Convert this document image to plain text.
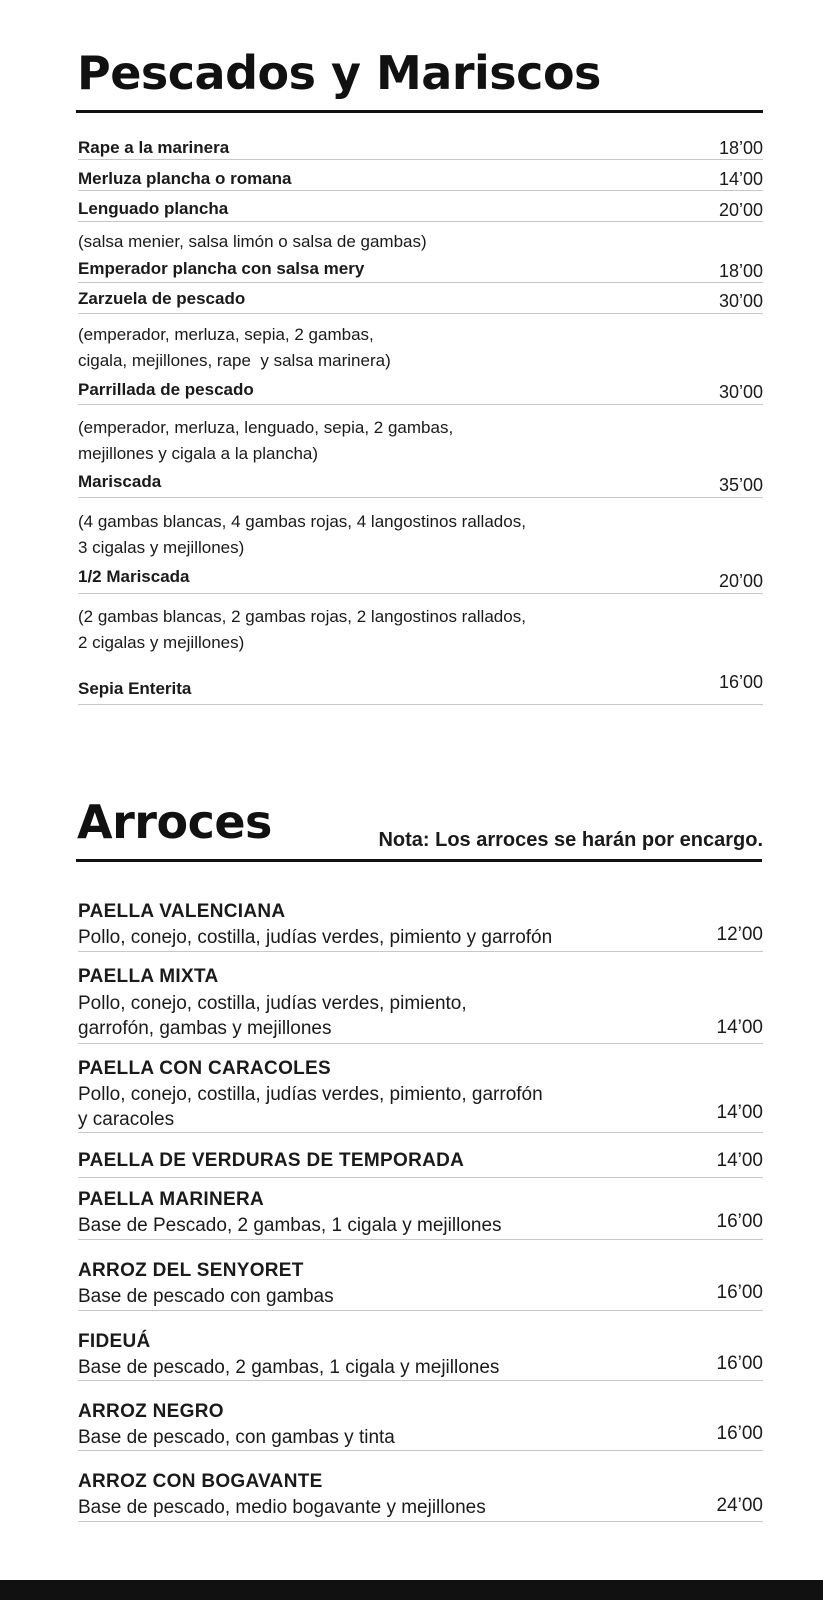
Pescados y Mariscos
Rape a la marinera	18’00
Merluza plancha o romana	14’00
Lenguado plancha	20’00
(salsa menier, salsa limón o salsa de gambas)
Emperador plancha con salsa mery	18’00
Zarzuela de pescado	30’00
(emperador, merluza, sepia, 2 gambas,
cigala, mejillones, rape  y salsa marinera)
Parrillada de pescado	30’00
(emperador, merluza, lenguado, sepia, 2 gambas,
mejillones y cigala a la plancha)
Mariscada	35’00
(4 gambas blancas, 4 gambas rojas, 4 langostinos rallados,
3 cigalas y mejillones)
1/2 Mariscada	20’00
(2 gambas blancas, 2 gambas rojas, 2 langostinos rallados,
2 cigalas y mejillones)
Sepia Enterita	16’00
Arroces	Nota: Los arroces se harán por encargo.
PAELLA VALENCIANA
Pollo, conejo, costilla, judías verdes, pimiento y garrofón	12’00
PAELLA MIXTA
Pollo, conejo, costilla, judías verdes, pimiento,
garrofón, gambas y mejillones	14’00
PAELLA CON CARACOLES
Pollo, conejo, costilla, judías verdes, pimiento, garrofón
y caracoles	14’00
PAELLA DE VERDURAS DE TEMPORADA	14’00
PAELLA MARINERA
Base de Pescado, 2 gambas, 1 cigala y mejillones	16’00
ARROZ DEL SENYORET
Base de pescado con gambas	16’00
FIDEUÁ
Base de pescado, 2 gambas, 1 cigala y mejillones	16’00
ARROZ NEGRO
Base de pescado, con gambas y tinta	16’00
ARROZ CON BOGAVANTE
Base de pescado, medio bogavante y mejillones	24’00
